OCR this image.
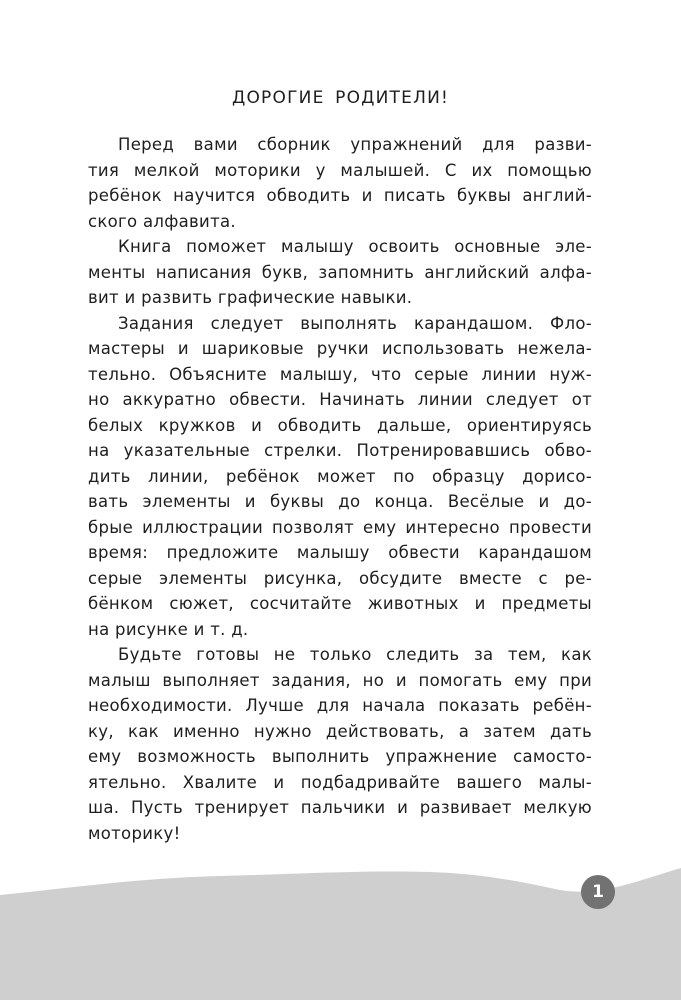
ДОРОГИЕ РОДИТЕЛИ!
Перед вами сборник упражнений для разви-
тия мелкой моторики у малышей. С их помощью
ребёнок научится обводить и писать буквы англий-
ского алфавита.
Книга поможет малышу освоить основные эле-
менты написания букв, запомнить английский алфа-
вит и развить графические навыки.
Задания следует выполнять карандашом. Фло-
мастеры и шариковые ручки использовать нежела-
тельно. Объясните малышу, что серые линии нуж-
но аккуратно обвести. Начинать линии следует от
белых кружков и обводить дальше, ориентируясь
на указательные стрелки. Потренировавшись обво-
дить линии, ребёнок может по образцу дорисо-
вать элементы и буквы до конца. Весёлые и до-
брые иллюстрации позволят ему интересно провести
время: предложите малышу обвести карандашом
серые элементы рисунка, обсудите вместе с ре-
бёнком сюжет, сосчитайте животных и предметы
на рисунке и т. д.
Будьте готовы не только следить за тем, как
малыш выполняет задания, но и помогать ему при
необходимости. Лучше для начала показать ребён-
ку, как именно нужно действовать, а затем дать
ему возможность выполнить упражнение самосто-
ятельно. Хвалите и подбадривайте вашего малы-
ша. Пусть тренирует пальчики и развивает мелкую
моторику!
1
